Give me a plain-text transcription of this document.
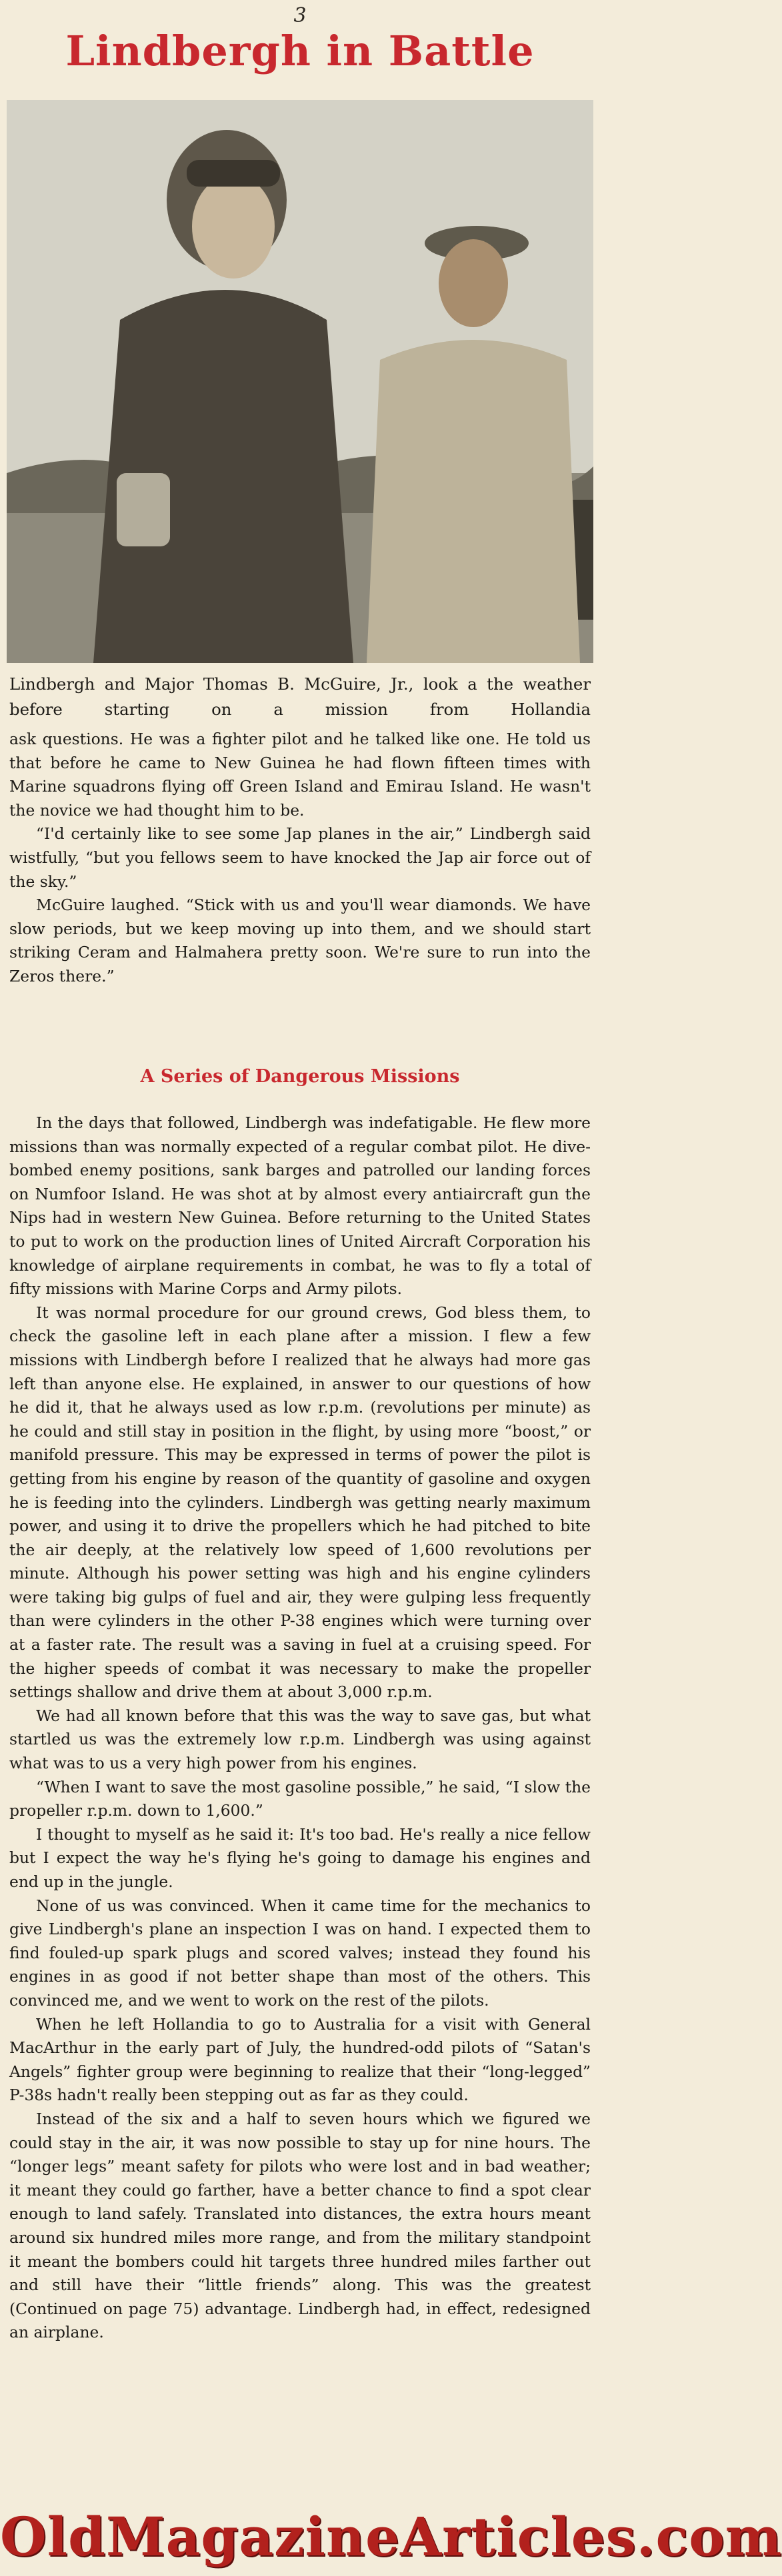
3
Lindbergh in Battle
Lindbergh and Major Thomas B. McGuire, Jr., look a the weather before starting on a mission from Hollandia

ask questions. He was a fighter pilot and he talked like one. He told us that before he came to New Guinea he had flown fifteen times with Marine squadrons flying off Green Island and Emirau Island. He wasn't the novice we had thought him to be.

“I'd certainly like to see some Jap planes in the air,” Lindbergh said wistfully, “but you fellows seem to have knocked the Jap air force out of the sky.”

McGuire laughed. “Stick with us and you'll wear diamonds. We have slow periods, but we keep moving up into them, and we should start striking Ceram and Halmahera pretty soon. We're sure to run into the Zeros there.”

A Series of Dangerous Missions

In the days that followed, Lindbergh was indefatigable. He flew more missions than was normally expected of a regular combat pilot. He dive-bombed enemy positions, sank barges and patrolled our landing forces on Numfoor Island. He was shot at by almost every antiaircraft gun the Nips had in western New Guinea. Before returning to the United States to put to work on the production lines of United Aircraft Corporation his knowledge of airplane requirements in combat, he was to fly a total of fifty missions with Marine Corps and Army pilots.

It was normal procedure for our ground crews, God bless them, to check the gasoline left in each plane after a mission. I flew a few missions with Lindbergh before I realized that he always had more gas left than anyone else. He explained, in answer to our questions of how he did it, that he always used as low r.p.m. (revolutions per minute) as he could and still stay in position in the flight, by using more “boost,” or manifold pressure. This may be expressed in terms of power the pilot is getting from his engine by reason of the quantity of gasoline and oxygen he is feeding into the cylinders. Lindbergh was getting nearly maximum power, and using it to drive the propellers which he had pitched to bite the air deeply, at the relatively low speed of 1,600 revolutions per minute. Although his power setting was high and his engine cylinders were taking big gulps of fuel and air, they were gulping less frequently than were cylinders in the other P-38 engines which were turning over at a faster rate. The result was a saving in fuel at a cruising speed. For the higher speeds of combat it was necessary to make the propeller settings shallow and drive them at about 3,000 r.p.m.

We had all known before that this was the way to save gas, but what startled us was the extremely low r.p.m. Lindbergh was using against what was to us a very high power from his engines.

“When I want to save the most gasoline possible,” he said, “I slow the propeller r.p.m. down to 1,600.”

I thought to myself as he said it: It's too bad. He's really a nice fellow but I expect the way he's flying he's going to damage his engines and end up in the jungle.

None of us was convinced. When it came time for the mechanics to give Lindbergh's plane an inspection I was on hand. I expected them to find fouled-up spark plugs and scored valves; instead they found his engines in as good if not better shape than most of the others. This convinced me, and we went to work on the rest of the pilots.

When he left Hollandia to go to Australia for a visit with General MacArthur in the early part of July, the hundred-odd pilots of “Satan's Angels” fighter group were beginning to realize that their “long-legged” P-38s hadn't really been stepping out as far as they could.

Instead of the six and a half to seven hours which we figured we could stay in the air, it was now possible to stay up for nine hours. The “longer legs” meant safety for pilots who were lost and in bad weather; it meant they could go farther, have a better chance to find a spot clear enough to land safely. Translated into distances, the extra hours meant around six hundred miles more range, and from the military standpoint it meant the bombers could hit targets three hundred miles farther out and still have their “little friends” along. This was the greatest (Continued on page 75) advantage. Lindbergh had, in effect, redesigned an airplane.

OldMagazineArticles.com
